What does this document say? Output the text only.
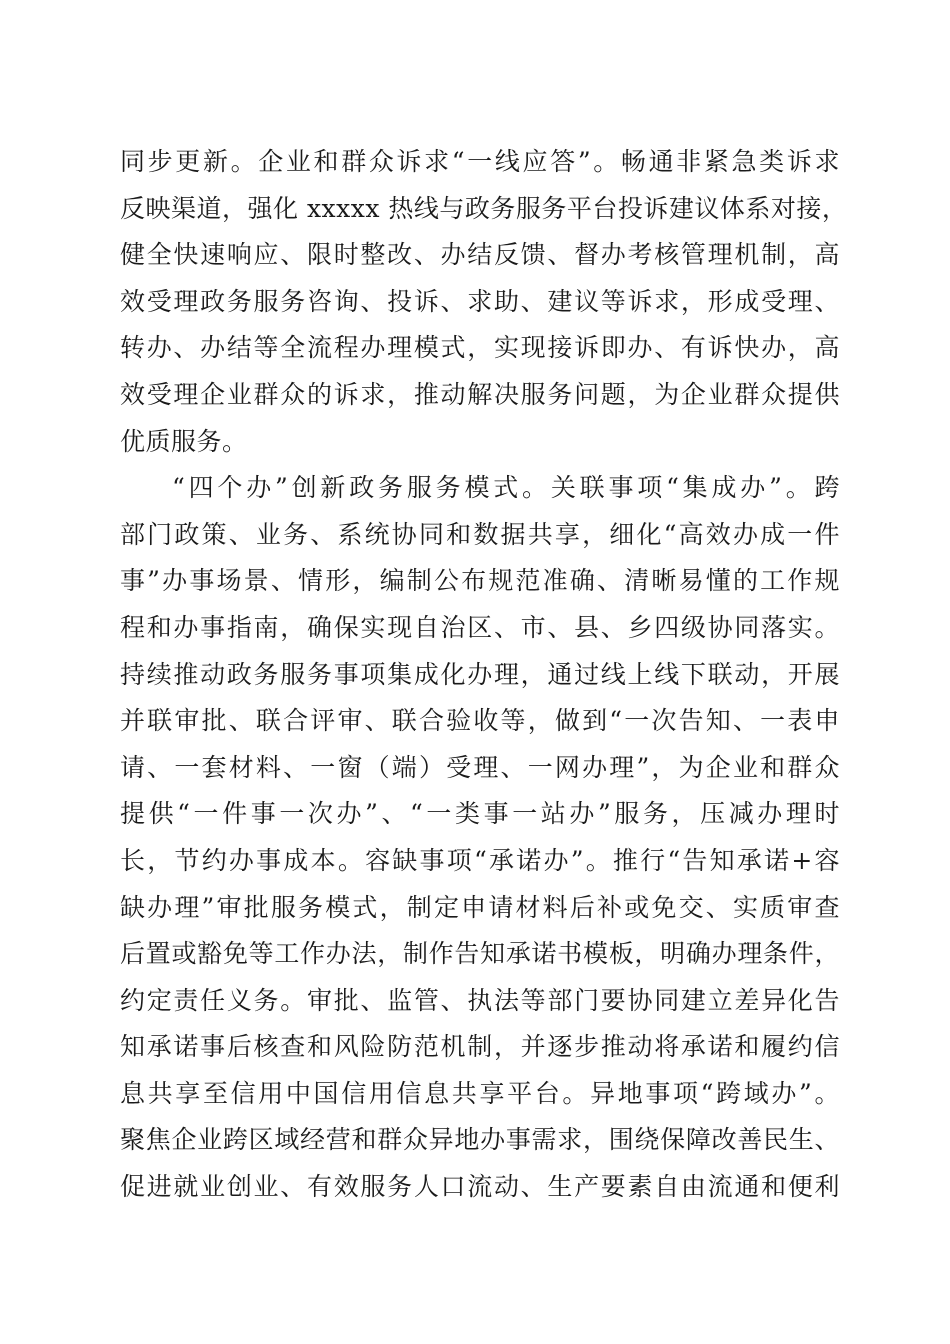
同步更新。企业和群众诉求“一线应答”。畅通非紧急类诉求
反映渠道，强化 xxxxx 热线与政务服务平台投诉建议体系对接，
健全快速响应、限时整改、办结反馈、督办考核管理机制，高
效受理政务服务咨询、投诉、求助、建议等诉求，形成受理、
转办、办结等全流程办理模式，实现接诉即办、有诉快办，高
效受理企业群众的诉求，推动解决服务问题，为企业群众提供
优质服务。
“四个办”创新政务服务模式。关联事项“集成办”。跨
部门政策、业务、系统协同和数据共享，细化“高效办成一件
事”办事场景、情形，编制公布规范准确、清晰易懂的工作规
程和办事指南，确保实现自治区、市、县、乡四级协同落实。
持续推动政务服务事项集成化办理，通过线上线下联动，开展
并联审批、联合评审、联合验收等，做到“一次告知、一表申
请、一套材料、一窗（端）受理、一网办理”，为企业和群众
提供“一件事一次办”、“一类事一站办”服务，压减办理时
长，节约办事成本。容缺事项“承诺办”。推行“告知承诺+容
缺办理”审批服务模式，制定申请材料后补或免交、实质审查
后置或豁免等工作办法，制作告知承诺书模板，明确办理条件，
约定责任义务。审批、监管、执法等部门要协同建立差异化告
知承诺事后核查和风险防范机制，并逐步推动将承诺和履约信
息共享至信用中国信用信息共享平台。异地事项“跨域办”。
聚焦企业跨区域经营和群众异地办事需求，围绕保障改善民生、
促进就业创业、有效服务人口流动、生产要素自由流通和便利
